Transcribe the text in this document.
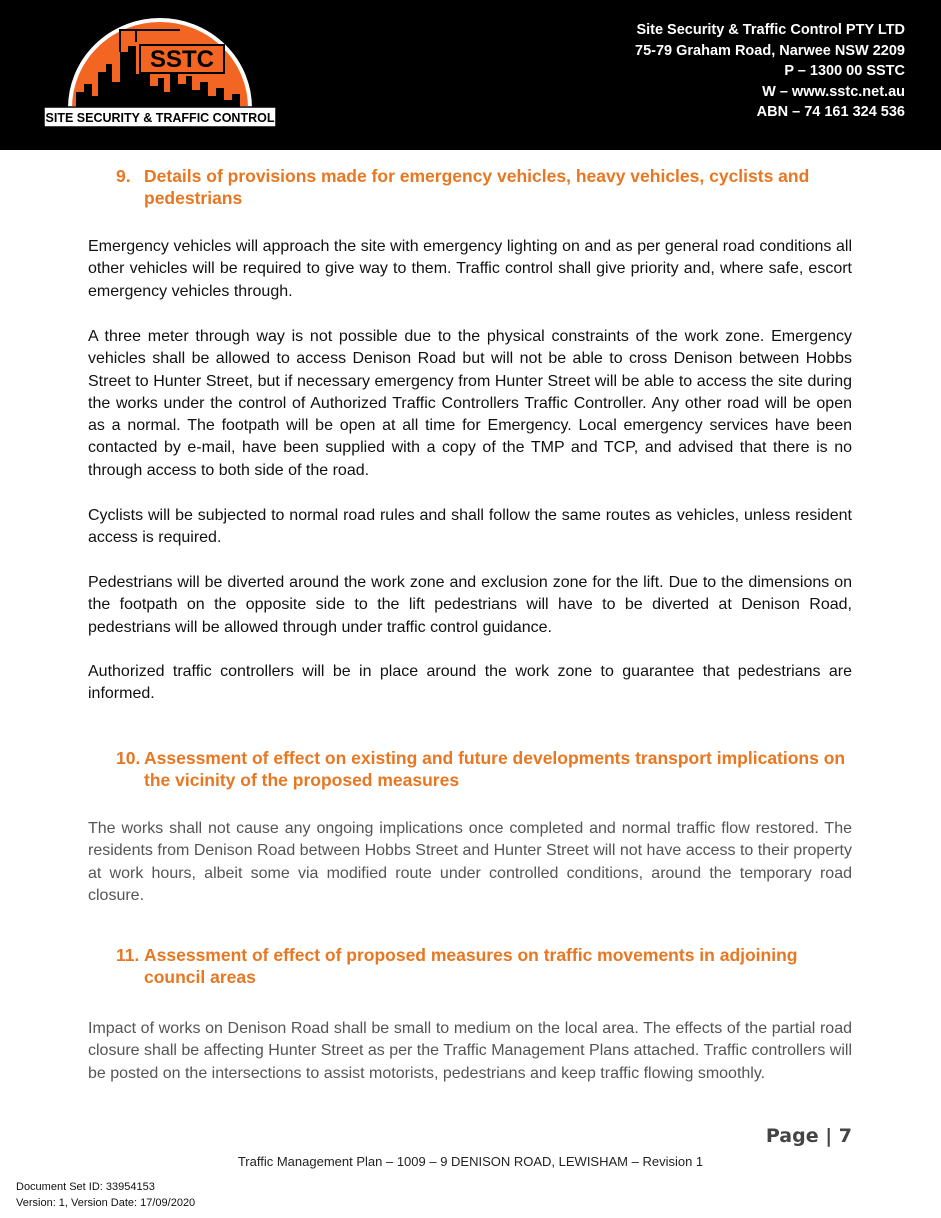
SSTC
SITE SECURITY & TRAFFIC CONTROL
Site Security & Traffic Control PTY LTD
75-79 Graham Road, Narwee NSW 2209
P – 1300 00 SSTC
W – www.sstc.net.au
ABN – 74 161 324 536
9. Details of provisions made for emergency vehicles, heavy vehicles, cyclists and pedestrians
Emergency vehicles will approach the site with emergency lighting on and as per general road conditions all other vehicles will be required to give way to them. Traffic control shall give priority and, where safe, escort emergency vehicles through.
A three meter through way is not possible due to the physical constraints of the work zone. Emergency vehicles shall be allowed to access Denison Road but will not be able to cross Denison between Hobbs Street to Hunter Street, but if necessary emergency from Hunter Street will be able to access the site during the works under the control of Authorized Traffic Controllers Traffic Controller. Any other road will be open as a normal. The footpath will be open at all time for Emergency. Local emergency services have been contacted by e-mail, have been supplied with a copy of the TMP and TCP, and advised that there is no through access to both side of the road.
Cyclists will be subjected to normal road rules and shall follow the same routes as vehicles, unless resident access is required.
Pedestrians will be diverted around the work zone and exclusion zone for the lift. Due to the dimensions on the footpath on the opposite side to the lift pedestrians will have to be diverted at Denison Road, pedestrians will be allowed through under traffic control guidance.
Authorized traffic controllers will be in place around the work zone to guarantee that pedestrians are informed.
10. Assessment of effect on existing and future developments transport implications on the vicinity of the proposed measures
The works shall not cause any ongoing implications once completed and normal traffic flow restored. The residents from Denison Road between Hobbs Street and Hunter Street will not have access to their property at work hours, albeit some via modified route under controlled conditions, around the temporary road closure.
11. Assessment of effect of proposed measures on traffic movements in adjoining council areas
Impact of works on Denison Road shall be small to medium on the local area. The effects of the partial road closure shall be affecting Hunter Street as per the Traffic Management Plans attached. Traffic controllers will be posted on the intersections to assist motorists, pedestrians and keep traffic flowing smoothly.
Page | 7
Traffic Management Plan – 1009 – 9 DENISON ROAD, LEWISHAM – Revision 1
Document Set ID: 33954153
Version: 1, Version Date: 17/09/2020
